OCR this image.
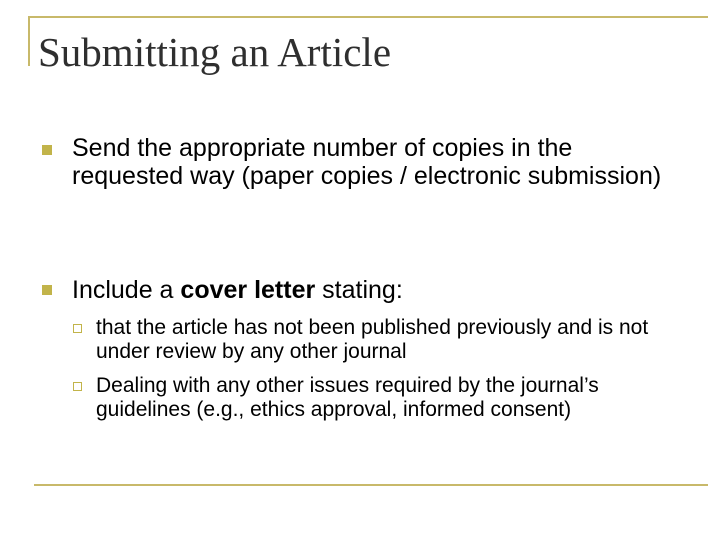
Submitting an Article
Send the appropriate number of copies in the requested way (paper copies / electronic submission)
Include a cover letter stating:
that the article has not been published previously and is not under review by any other journal
Dealing with any other issues required by the journal’s guidelines (e.g., ethics approval, informed consent)
